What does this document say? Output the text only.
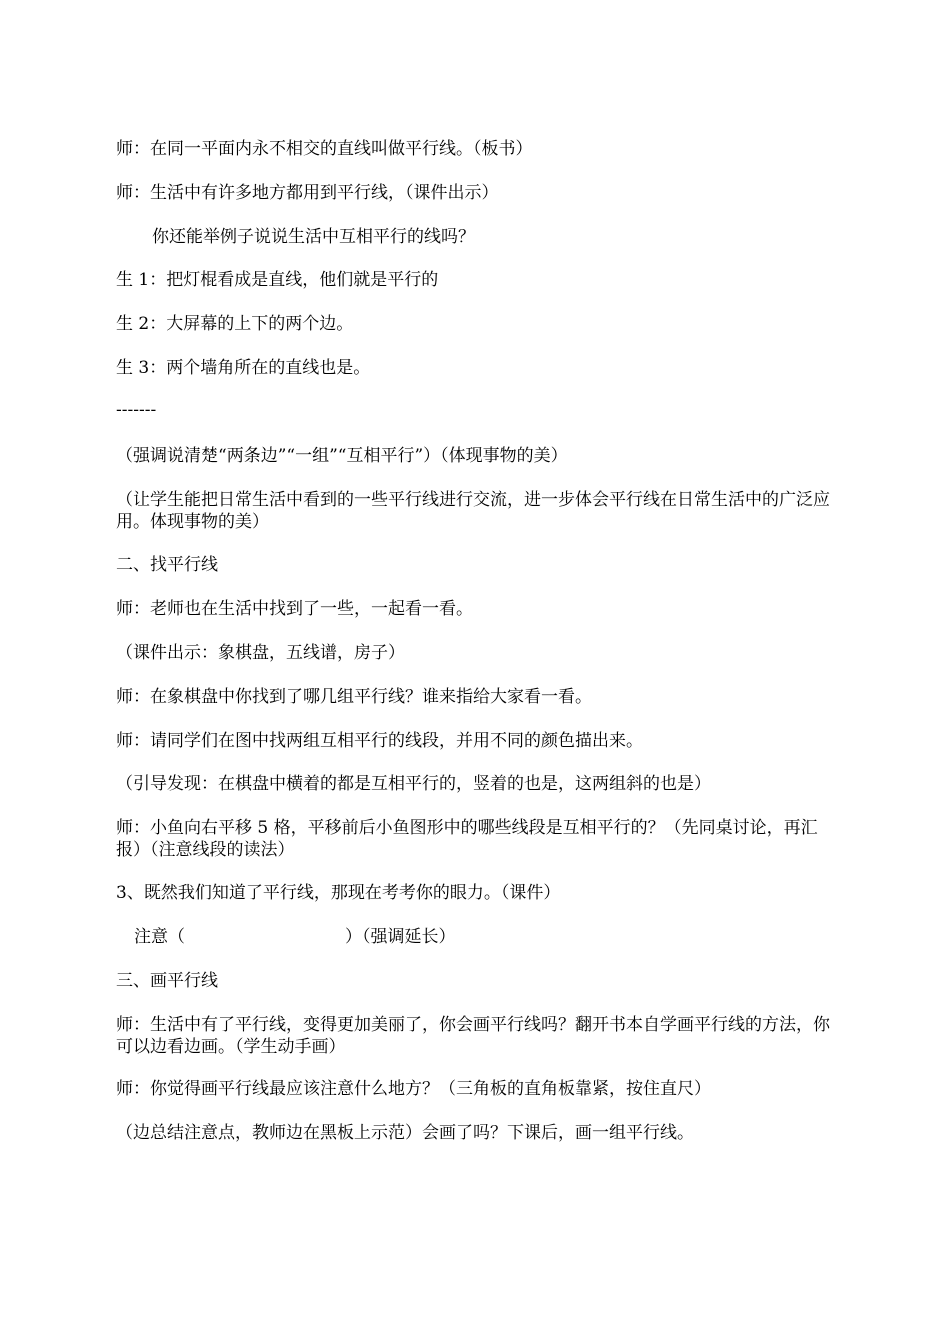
师：在同一平面内永不相交的直线叫做平行线。（板书）
师：生活中有许多地方都用到平行线，（课件出示）
你还能举例子说说生活中互相平行的线吗？
生 1：把灯棍看成是直线，他们就是平行的
生 2：大屏幕的上下的两个边。
生 3：两个墙角所在的直线也是。
-------
（强调说清楚“两条边”“一组”“互相平行”）（体现事物的美）
（让学生能把日常生活中看到的一些平行线进行交流，进一步体会平行线在日常生活中的广泛应用。体现事物的美）
二、找平行线
师：老师也在生活中找到了一些，一起看一看。
（课件出示：象棋盘，五线谱，房子）
师：在象棋盘中你找到了哪几组平行线？谁来指给大家看一看。
师：请同学们在图中找两组互相平行的线段，并用不同的颜色描出来。
（引导发现：在棋盘中横着的都是互相平行的，竖着的也是，这两组斜的也是）
师：小鱼向右平移 5 格，平移前后小鱼图形中的哪些线段是互相平行的？（先同桌讨论，再汇报）（注意线段的读法）
3、既然我们知道了平行线，那现在考考你的眼力。（课件）
注意（	）（强调延长）
三、画平行线
师：生活中有了平行线，变得更加美丽了，你会画平行线吗？翻开书本自学画平行线的方法，你可以边看边画。（学生动手画）
师：你觉得画平行线最应该注意什么地方？（三角板的直角板靠紧，按住直尺）
（边总结注意点，教师边在黑板上示范）会画了吗？下课后，画一组平行线。
